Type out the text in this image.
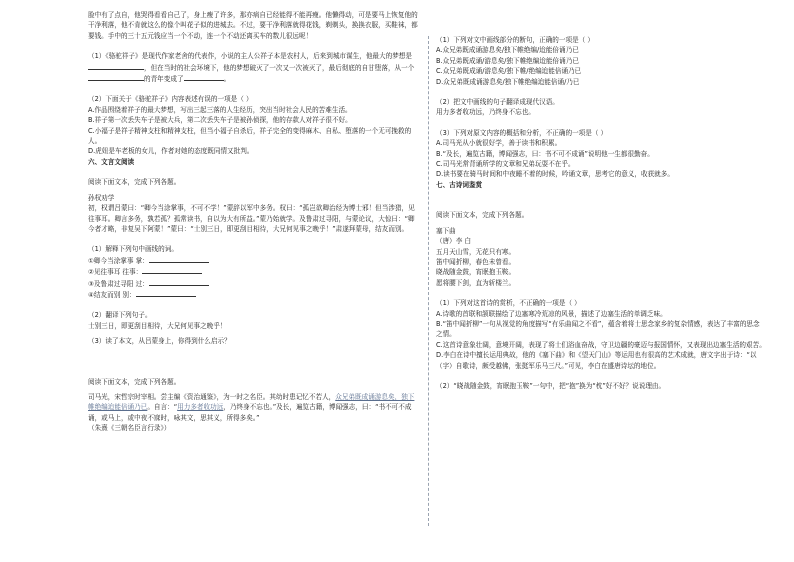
脸中有了点自，他哭得看看自己了，身上瘦了许多，那亦病自已经能得不能再瘦。他懒得动，可是要马上恢复他的干净利落，他不肯就这么的像个叫花子似的进城去。不过，要干净利落就得花钱，剃剃头，换换衣服，买鞋袜，都要钱。手中的三十五元钱应当一个不动，连一个不动还离买车的数儿很远呢！

（1）《骆驼祥子》是现代作家老舍的代表作，小说的主人公祥子本是农村人，后来到城市谋生，他最大的梦想是，但在当时的社会环境下，他的梦想破灭了一次又一次被灭了，最后彻底的自甘堕落，从一个的青年变成了	。

（2）下面关于《骆驼祥子》内容表述有误的一项是（ ）

A.作品围绕着祥子的最大梦想，写出三起三落的人生经历，突出当时社会人民的苦难生活。

B.祥子第一次丢失车子是被大兵，第二次丢失车子是被孙侦探，他的存款人对祥子很不好。

C.小福子是祥子精神支柱和精神支柱，但当小福子自杀后，祥子完全的变得麻木、自私、堕落的一个无可挽救的人。

D.虎妞是车老板的女儿，作者对她的态度既同情又批判。

六、文言文阅读

阅读下面文本，完成下列各题。

孙权劝学

初，权谓吕蒙曰：“卿今当涂掌事，不可不学！”蒙辞以军中多务。权曰：“孤岂欲卿治经为博士邪！但当涉猎，见往事耳。卿言多务，孰若孤？孤常读书，自以为大有所益。”蒙乃始就学。及鲁肃过寻阳，与蒙论议，大惊曰：“卿今者才略，非复吴下阿蒙！”蒙曰：“士别三日，即更刮目相待，大兄何见事之晚乎！”肃遂拜蒙母，结友而别。

（1）解释下列句中画线的词。

①卿今当涂掌事 掌：

②见往事耳 往事：

③及鲁肃过寻阳 过：

④结友而别 别：

（2）翻译下列句子。

士别三日，即更刮目相待，大兄何见事之晚乎！

（3）读了本文，从吕蒙身上，你得到什么启示？

阅读下面文本，完成下列各题。

司马光，宋哲宗时宰相。尝主编《资治通鉴》，为一时之名臣。其幼时患记忆不若人，众兄弟既成诵游息矣，独下帷绝编迨能倍诵乃已。自言：“用力多者收功远，乃终身不忘也。”及长，遍览古籍，博闻强志，曰：“书不可不成诵，或马上，或中夜不寐时，咏其文，思其义，所得多矣。”

（朱熹《三朝名臣言行录》）

（1）下列对文中画线部分的断句，正确的一项是（ ）

A.众兄弟既成诵游息矣/独下帷绝编/迨能倍诵乃已

B.众兄弟既成诵/游息矣/独下帷绝编迨能倍诵乃已

C.众兄弟既成诵/游息矣/独下帷/绝编迨能倍诵乃已

D.众兄弟既成诵游息矣/独下帷绝编迨能倍诵/乃已

（2）把文中画线的句子翻译成现代汉语。

用力多者收功远，乃终身不忘也。

（3）下列对原文内容的概括和分析，不正确的一项是（ ）

A.司马光从小就很好学，善于读书和积累。

B.“及长，遍览古籍，博闻强志，曰：书不可不成诵”说明他一生都很勤奋。

C.司马光常背诵所学的文章和兄弟玩耍不在乎。

D.读书要在骑马时间和中夜睡不着的时候，吟诵文章，思考它的意义，收获就多。

七、古诗词鉴赏

阅读下面文本，完成下列各题。

塞下曲

（唐）李 白

五月天山雪，无花只有寒。

笛中闻折柳，春色未曾看。

晓战随金鼓，宵眠抱玉鞍。

愿将腰下剑，直为斩楼兰。

（1）下列对这首诗的赏析，不正确的一项是（ ）

A.诗歌的首联和颔联描绘了边塞寒冷荒凉的风景，描述了边塞生活的单调乏味。

B.“笛中闻折柳”一句从视觉的角度描写“有乐曲闻之不看”，蕴含着将士思念家乡的复杂情感，表达了丰富的思念之情。

C.这首诗意象壮阔，意境开阔，表现了将士们浴血奋战，守卫边疆的豪迈与报国情怀，又表现出边塞生活的艰苦。

D.李白在诗中擅长运用典故，他的《塞下曲》和《望天门山》等运用也有很高的艺术成就，唐文字出于诗：“以（字）自歌诗，颇受越佛，张挺军乐马三尺。”可见，李白在盛唐诗坛的地位。

（2）“晓战随金鼓，宵眠抱玉鞍”一句中，把“抱”换为“枕”好不好？说说理由。
